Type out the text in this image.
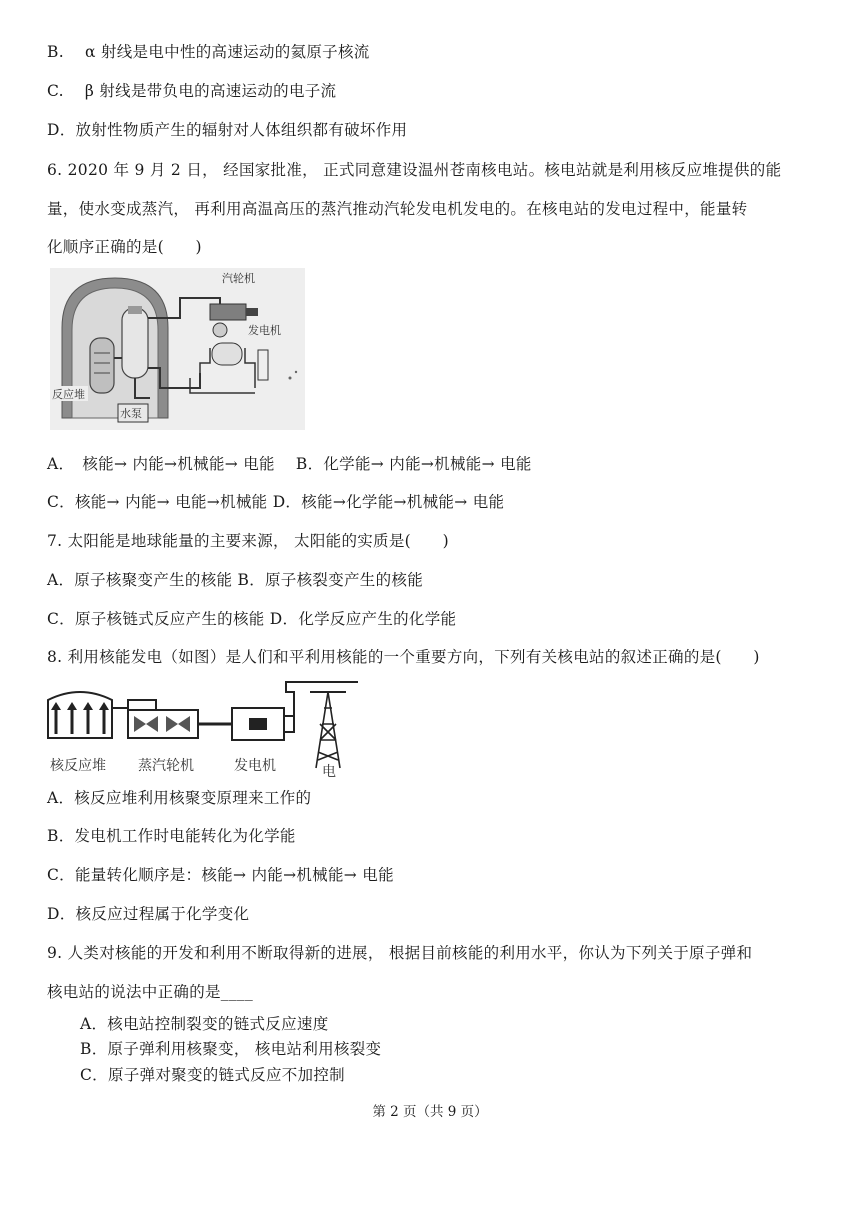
B.　 α 射线是电中性的高速运动的氦原子核流
C.　 β 射线是带负电的高速运动的电子流
D．放射性物质产生的辐射对人体组织都有破坏作用
6. 2020 年 9 月 2 日， 经国家批准， 正式同意建设温州苍南核电站。核电站就是利用核反应堆提供的能
量，使水变成蒸汽， 再利用高温高压的蒸汽推动汽轮发电机发电的。在核电站的发电过程中，能量转
化顺序正确的是(　　)
汽轮机
发电机
反应堆
水泵
A．　核能→ 内能→机械能→ 电能　 B．化学能→ 内能→机械能→ 电能
C．核能→ 内能→ 电能→机械能 D．核能→化学能→机械能→ 电能
7. 太阳能是地球能量的主要来源， 太阳能的实质是(　　)
A．原子核聚变产生的核能 B．原子核裂变产生的核能
C．原子核链式反应产生的核能 D．化学反应产生的化学能
8. 利用核能发电（如图）是人们和平利用核能的一个重要方向，下列有关核电站的叙述正确的是(　　)
核反应堆 蒸汽轮机	发电机	电
A．核反应堆利用核聚变原理来工作的
B．发电机工作时电能转化为化学能
C．能量转化顺序是：核能→ 内能→机械能→ 电能
D．核反应过程属于化学变化
9. 人类对核能的开发和利用不断取得新的进展， 根据目前核能的利用水平，你认为下列关于原子弹和
核电站的说法中正确的是____
A．核电站控制裂变的链式反应速度
B．原子弹利用核聚变， 核电站利用核裂变
C．原子弹对聚变的链式反应不加控制
第 2 页（共 9 页）
